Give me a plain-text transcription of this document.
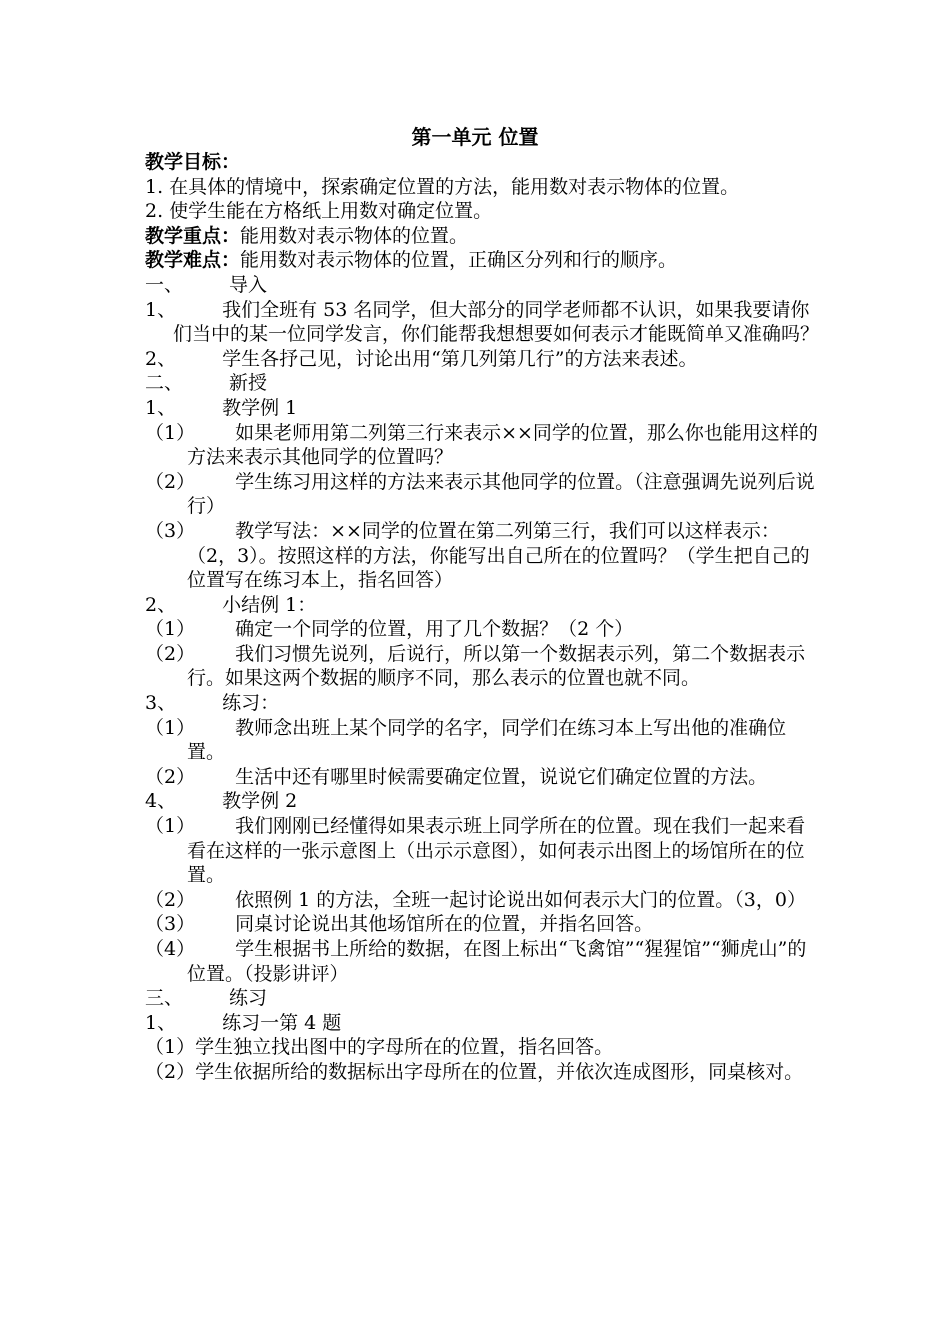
第一单元 位置

教学目标：

1. 在具体的情境中，探索确定位置的方法，能用数对表示物体的位置。

2. 使学生能在方格纸上用数对确定位置。

教学重点：能用数对表示物体的位置。

教学难点：能用数对表示物体的位置，正确区分列和行的顺序。

一、 导入

1、 我们全班有 53 名同学，但大部分的同学老师都不认识，如果我要请你们当中的某一位同学发言，你们能帮我想想要如何表示才能既简单又准确吗？

2、 学生各抒己见，讨论出用“第几列第几行”的方法来表述。

二、 新授

1、 教学例 1

（1） 如果老师用第二列第三行来表示××同学的位置，那么你也能用这样的方法来表示其他同学的位置吗？

（2） 学生练习用这样的方法来表示其他同学的位置。（注意强调先说列后说行）

（3） 教学写法：××同学的位置在第二列第三行，我们可以这样表示：（2，3）。按照这样的方法，你能写出自己所在的位置吗？（学生把自己的位置写在练习本上，指名回答）

2、 小结例 1：

（1） 确定一个同学的位置，用了几个数据？（2 个）

（2） 我们习惯先说列，后说行，所以第一个数据表示列，第二个数据表示行。如果这两个数据的顺序不同，那么表示的位置也就不同。

3、 练习：

（1） 教师念出班上某个同学的名字，同学们在练习本上写出他的准确位置。

（2） 生活中还有哪里时候需要确定位置，说说它们确定位置的方法。

4、 教学例 2

（1） 我们刚刚已经懂得如果表示班上同学所在的位置。现在我们一起来看看在这样的一张示意图上（出示示意图），如何表示出图上的场馆所在的位置。

（2） 依照例 1 的方法，全班一起讨论说出如何表示大门的位置。（3，0）

（3） 同桌讨论说出其他场馆所在的位置，并指名回答。

（4） 学生根据书上所给的数据，在图上标出“飞禽馆”“猩猩馆”“狮虎山”的位置。（投影讲评）

三、 练习

1、 练习一第 4 题

（1）学生独立找出图中的字母所在的位置，指名回答。

（2）学生依据所给的数据标出字母所在的位置，并依次连成图形，同桌核对。
